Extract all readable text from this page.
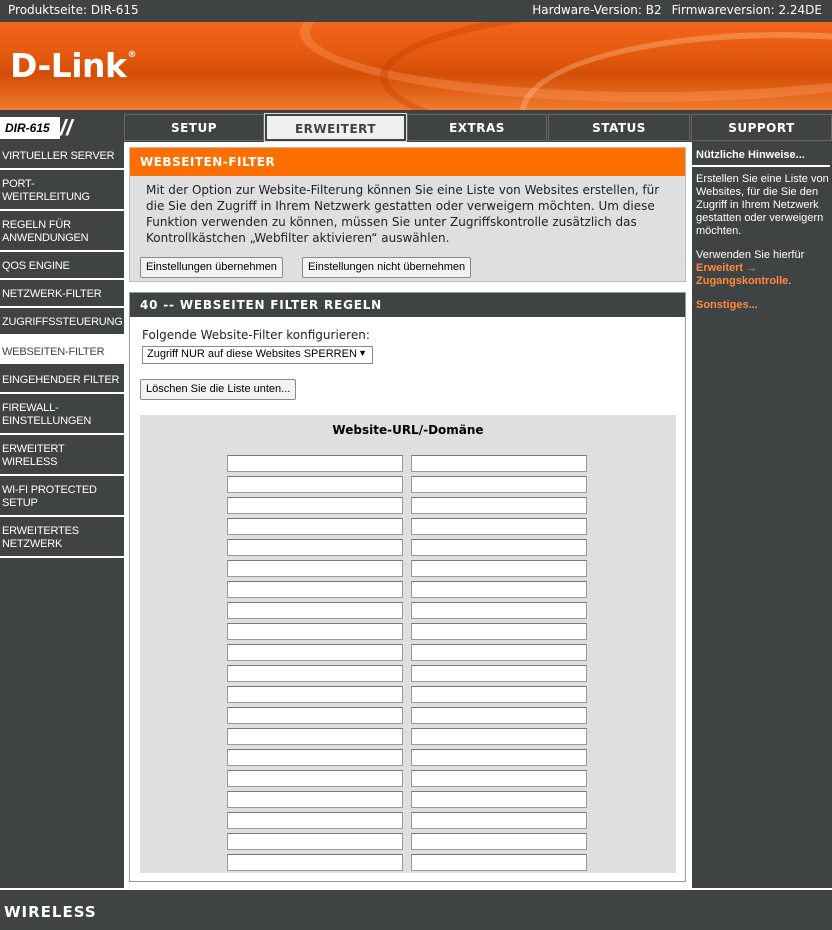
Produktseite: DIR-615	Hardware-Version: B2 Firmwareversion: 2.24DE
D-Link®
DIR-615 / /	SETUP	ERWEITERT	EXTRAS	STATUS	SUPPORT
VIRTUELLER SERVER
PORT-WEITERLEITUNG
REGELN FÜR ANWENDUNGEN
QOS ENGINE
NETZWERK-FILTER
ZUGRIFFSSTEUERUNG
WEBSEITEN-FILTER
EINGEHENDER FILTER
FIREWALL-EINSTELLUNGEN
ERWEITERT WIRELESS
WI-FI PROTECTED SETUP
ERWEITERTES NETZWERK
WEBSEITEN-FILTER
Mit der Option zur Website-Filterung können Sie eine Liste von Websites erstellen, für die Sie den Zugriff in Ihrem Netzwerk gestatten oder verweigern möchten. Um diese Funktion verwenden zu können, müssen Sie unter Zugriffskontrolle zusätzlich das Kontrollkästchen „Webfilter aktivieren“ auswählen.
Einstellungen übernehmen	Einstellungen nicht übernehmen
40 -- WEBSEITEN FILTER REGELN
Folgende Website-Filter konfigurieren:
Zugriff NUR auf diese Websites SPERREN ▼
Löschen Sie die Liste unten...
Website-URL/-Domäne
Nützliche Hinweise...
Erstellen Sie eine Liste von Websites, für die Sie den Zugriff in Ihrem Netzwerk gestatten oder verweigern möchten.
Verwenden Sie hierfür
Erweitert → Zugangskontrolle.
Sonstiges...
WIRELESS
